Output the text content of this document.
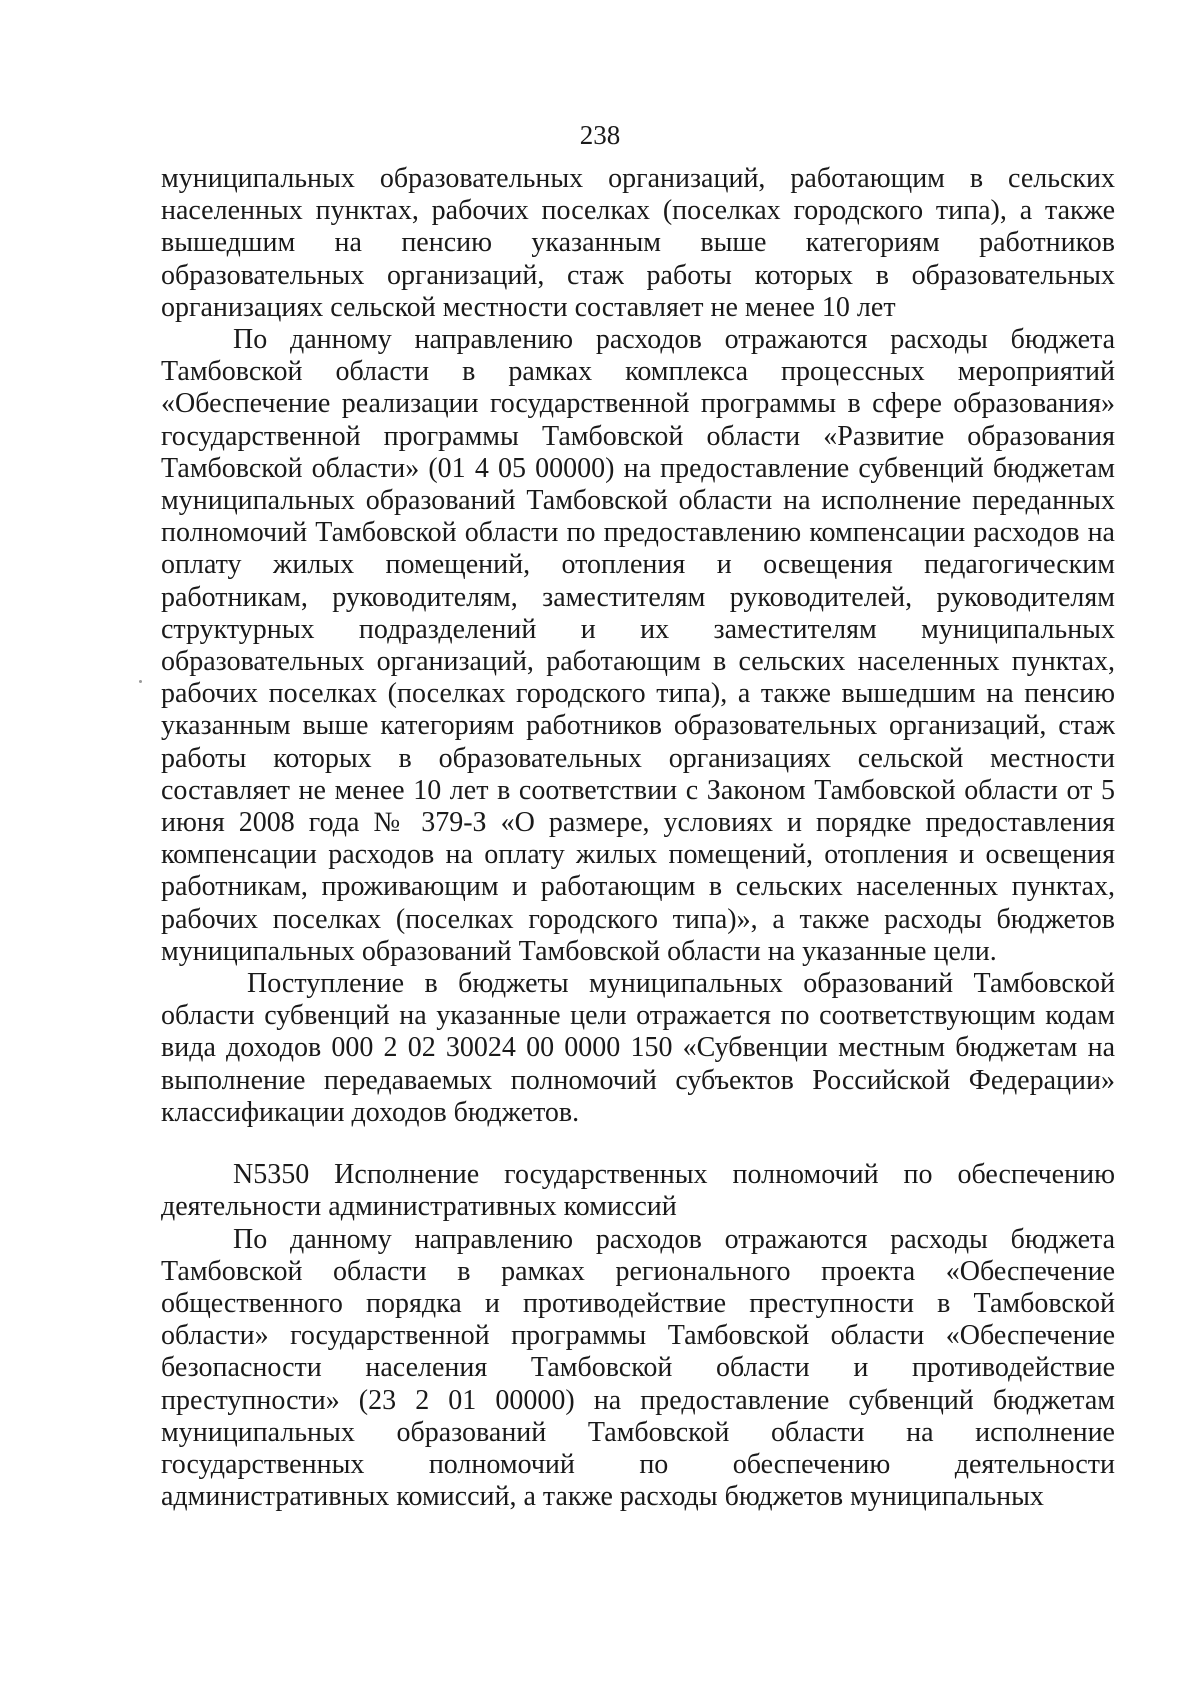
238

муниципальных образовательных организаций, работающим в сельских населенных пунктах, рабочих поселках (поселках городского типа), а также вышедшим на пенсию указанным выше категориям работников образовательных организаций, стаж работы которых в образовательных организациях сельской местности составляет не менее 10 лет

По данному направлению расходов отражаются расходы бюджета Тамбовской области в рамках комплекса процессных мероприятий «Обеспечение реализации государственной программы в сфере образования» государственной программы Тамбовской области «Развитие образования Тамбовской области» (01 4 05 00000) на предоставление субвенций бюджетам муниципальных образований Тамбовской области на исполнение переданных полномочий Тамбовской области по предоставлению компенсации расходов на оплату жилых помещений, отопления и освещения педагогическим работникам, руководителям, заместителям руководителей, руководителям структурных подразделений и их заместителям муниципальных образовательных организаций, работающим в сельских населенных пунктах, рабочих поселках (поселках городского типа), а также вышедшим на пенсию указанным выше категориям работников образовательных организаций, стаж работы которых в образовательных организациях сельской местности составляет не менее 10 лет в соответствии с Законом Тамбовской области от 5 июня 2008 года № 379-З «О размере, условиях и порядке предоставления компенсации расходов на оплату жилых помещений, отопления и освещения работникам, проживающим и работающим в сельских населенных пунктах, рабочих поселках (поселках городского типа)», а также расходы бюджетов муниципальных образований Тамбовской области на указанные цели.

Поступление в бюджеты муниципальных образований Тамбовской области субвенций на указанные цели отражается по соответствующим кодам вида доходов 000 2 02 30024 00 0000 150 «Субвенции местным бюджетам на выполнение передаваемых полномочий субъектов Российской Федерации» классификации доходов бюджетов.

N5350 Исполнение государственных полномочий по обеспечению деятельности административных комиссий

По данному направлению расходов отражаются расходы бюджета Тамбовской области в рамках регионального проекта «Обеспечение общественного порядка и противодействие преступности в Тамбовской области» государственной программы Тамбовской области «Обеспечение безопасности населения Тамбовской области и противодействие преступности» (23 2 01 00000) на предоставление субвенций бюджетам муниципальных образований Тамбовской области на исполнение государственных полномочий по обеспечению деятельности административных комиссий, а также расходы бюджетов муниципальных
